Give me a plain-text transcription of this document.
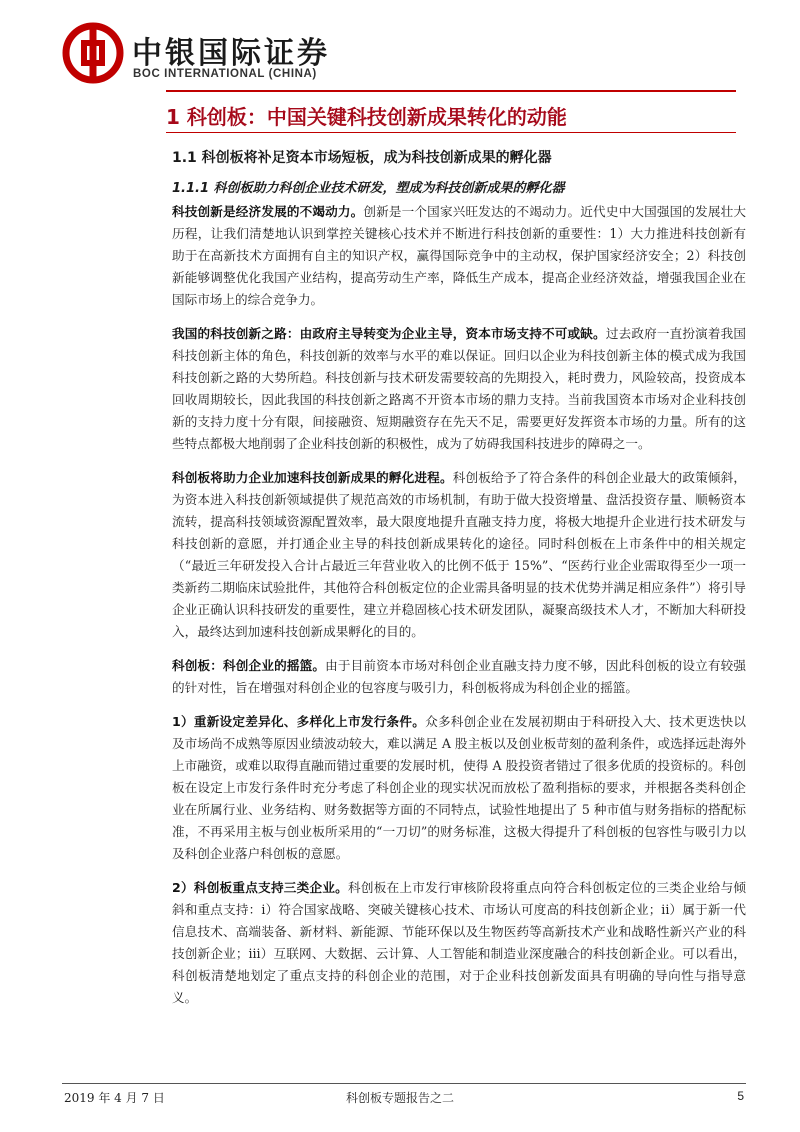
中银国际证券
BOC INTERNATIONAL (CHINA)
1 科创板：中国关键科技创新成果转化的动能
1.1 科创板将补足资本市场短板，成为科技创新成果的孵化器
1.1.1 科创板助力科创企业技术研发，塑成为科技创新成果的孵化器

科技创新是经济发展的不竭动力。创新是一个国家兴旺发达的不竭动力。近代史中大国强国的发展壮大历程，让我们清楚地认识到掌控关键核心技术并不断进行科技创新的重要性：1）大力推进科技创新有助于在高新技术方面拥有自主的知识产权，赢得国际竞争中的主动权，保护国家经济安全；2）科技创新能够调整优化我国产业结构，提高劳动生产率，降低生产成本，提高企业经济效益，增强我国企业在国际市场上的综合竞争力。

我国的科技创新之路：由政府主导转变为企业主导，资本市场支持不可或缺。过去政府一直扮演着我国科技创新主体的角色，科技创新的效率与水平的难以保证。回归以企业为科技创新主体的模式成为我国科技创新之路的大势所趋。科技创新与技术研发需要较高的先期投入，耗时费力，风险较高，投资成本回收周期较长，因此我国的科技创新之路离不开资本市场的鼎力支持。当前我国资本市场对企业科技创新的支持力度十分有限，间接融资、短期融资存在先天不足，需要更好发挥资本市场的力量。所有的这些特点都极大地削弱了企业科技创新的积极性，成为了妨碍我国科技进步的障碍之一。

科创板将助力企业加速科技创新成果的孵化进程。科创板给予了符合条件的科创企业最大的政策倾斜，为资本进入科技创新领域提供了规范高效的市场机制，有助于做大投资增量、盘活投资存量、顺畅资本流转，提高科技领域资源配置效率，最大限度地提升直融支持力度，将极大地提升企业进行技术研发与科技创新的意愿，并打通企业主导的科技创新成果转化的途径。同时科创板在上市条件中的相关规定（“最近三年研发投入合计占最近三年营业收入的比例不低于 15%”、“医药行业企业需取得至少一项一类新药二期临床试验批件，其他符合科创板定位的企业需具备明显的技术优势并满足相应条件”）将引导企业正确认识科技研发的重要性，建立并稳固核心技术研发团队，凝聚高级技术人才，不断加大科研投入，最终达到加速科技创新成果孵化的目的。

科创板：科创企业的摇篮。由于目前资本市场对科创企业直融支持力度不够，因此科创板的设立有较强的针对性，旨在增强对科创企业的包容度与吸引力，科创板将成为科创企业的摇篮。

1）重新设定差异化、多样化上市发行条件。众多科创企业在发展初期由于科研投入大、技术更迭快以及市场尚不成熟等原因业绩波动较大，难以满足 A 股主板以及创业板苛刻的盈利条件，或选择远赴海外上市融资，或难以取得直融而错过重要的发展时机，使得 A 股投资者错过了很多优质的投资标的。科创板在设定上市发行条件时充分考虑了科创企业的现实状况而放松了盈利指标的要求，并根据各类科创企业在所属行业、业务结构、财务数据等方面的不同特点，试验性地提出了 5 种市值与财务指标的搭配标准，不再采用主板与创业板所采用的“一刀切”的财务标准，这极大得提升了科创板的包容性与吸引力以及科创企业落户科创板的意愿。

2）科创板重点支持三类企业。科创板在上市发行审核阶段将重点向符合科创板定位的三类企业给与倾斜和重点支持：i）符合国家战略、突破关键核心技术、市场认可度高的科技创新企业；ii）属于新一代信息技术、高端装备、新材料、新能源、节能环保以及生物医药等高新技术产业和战略性新兴产业的科技创新企业；iii）互联网、大数据、云计算、人工智能和制造业深度融合的科技创新企业。可以看出，科创板清楚地划定了重点支持的科创企业的范围，对于企业科技创新发面具有明确的导向性与指导意义。

2019 年 4 月 7 日	科创板专题报告之二	5
